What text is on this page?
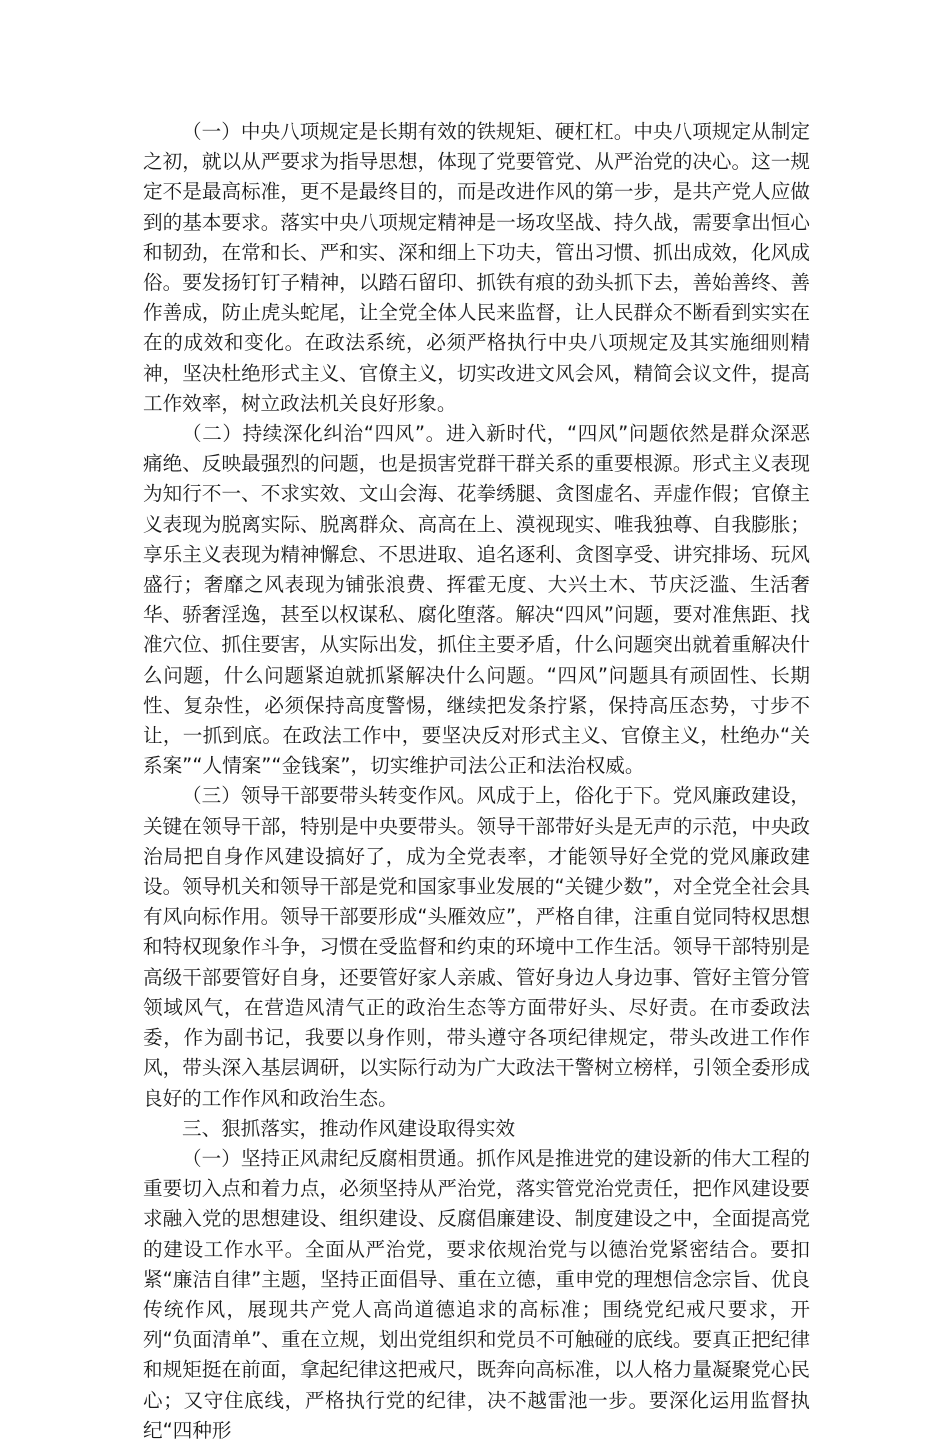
（一）中央八项规定是长期有效的铁规矩、硬杠杠。中央八项规定从制定之初，就以从严要求为指导思想，体现了党要管党、从严治党的决心。这一规定不是最高标准，更不是最终目的，而是改进作风的第一步，是共产党人应做到的基本要求。落实中央八项规定精神是一场攻坚战、持久战，需要拿出恒心和韧劲，在常和长、严和实、深和细上下功夫，管出习惯、抓出成效，化风成俗。要发扬钉钉子精神，以踏石留印、抓铁有痕的劲头抓下去，善始善终、善作善成，防止虎头蛇尾，让全党全体人民来监督，让人民群众不断看到实实在在的成效和变化。在政法系统，必须严格执行中央八项规定及其实施细则精神，坚决杜绝形式主义、官僚主义，切实改进文风会风，精简会议文件，提高工作效率，树立政法机关良好形象。

（二）持续深化纠治“四风”。进入新时代，“四风”问题依然是群众深恶痛绝、反映最强烈的问题，也是损害党群干群关系的重要根源。形式主义表现为知行不一、不求实效、文山会海、花拳绣腿、贪图虚名、弄虚作假；官僚主义表现为脱离实际、脱离群众、高高在上、漠视现实、唯我独尊、自我膨胀；享乐主义表现为精神懈怠、不思进取、追名逐利、贪图享受、讲究排场、玩风盛行；奢靡之风表现为铺张浪费、挥霍无度、大兴土木、节庆泛滥、生活奢华、骄奢淫逸，甚至以权谋私、腐化堕落。解决“四风”问题，要对准焦距、找准穴位、抓住要害，从实际出发，抓住主要矛盾，什么问题突出就着重解决什么问题，什么问题紧迫就抓紧解决什么问题。“四风”问题具有顽固性、长期性、复杂性，必须保持高度警惕，继续把发条拧紧，保持高压态势，寸步不让，一抓到底。在政法工作中，要坚决反对形式主义、官僚主义，杜绝办“关系案”“人情案”“金钱案”，切实维护司法公正和法治权威。

（三）领导干部要带头转变作风。风成于上，俗化于下。党风廉政建设，关键在领导干部，特别是中央要带头。领导干部带好头是无声的示范，中央政治局把自身作风建设搞好了，成为全党表率，才能领导好全党的党风廉政建设。领导机关和领导干部是党和国家事业发展的“关键少数”，对全党全社会具有风向标作用。领导干部要形成“头雁效应”，严格自律，注重自觉同特权思想和特权现象作斗争，习惯在受监督和约束的环境中工作生活。领导干部特别是高级干部要管好自身，还要管好家人亲戚、管好身边人身边事、管好主管分管领域风气，在营造风清气正的政治生态等方面带好头、尽好责。在市委政法委，作为副书记，我要以身作则，带头遵守各项纪律规定，带头改进工作作风，带头深入基层调研，以实际行动为广大政法干警树立榜样，引领全委形成良好的工作作风和政治生态。

三、狠抓落实，推动作风建设取得实效

（一）坚持正风肃纪反腐相贯通。抓作风是推进党的建设新的伟大工程的重要切入点和着力点，必须坚持从严治党，落实管党治党责任，把作风建设要求融入党的思想建设、组织建设、反腐倡廉建设、制度建设之中，全面提高党的建设工作水平。全面从严治党，要求依规治党与以德治党紧密结合。要扣紧“廉洁自律”主题，坚持正面倡导、重在立德，重申党的理想信念宗旨、优良传统作风，展现共产党人高尚道德追求的高标准；围绕党纪戒尺要求，开列“负面清单”、重在立规，划出党组织和党员不可触碰的底线。要真正把纪律和规矩挺在前面，拿起纪律这把戒尺，既奔向高标准，以人格力量凝聚党心民心；又守住底线，严格执行党的纪律，决不越雷池一步。要深化运用监督执纪“四种形
